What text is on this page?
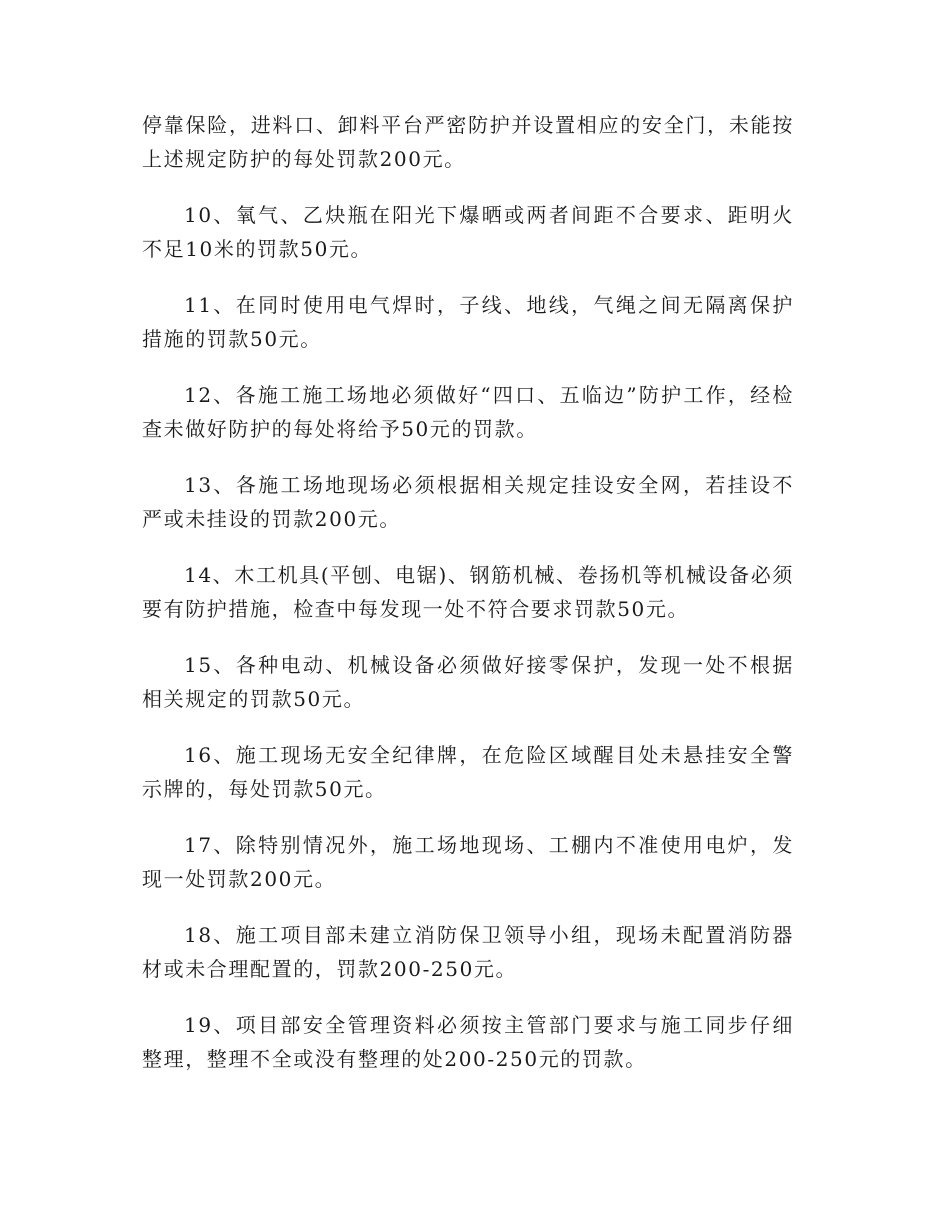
停靠保险，进料口、卸料平台严密防护并设置相应的安全门，未能按上述规定防护的每处罚款200元。

10、氧气、乙炔瓶在阳光下爆晒或两者间距不合要求、距明火不足10米的罚款50元。

11、在同时使用电气焊时，子线、地线，气绳之间无隔离保护措施的罚款50元。

12、各施工施工场地必须做好“四口、五临边”防护工作，经检查未做好防护的每处将给予50元的罚款。

13、各施工场地现场必须根据相关规定挂设安全网，若挂设不严或未挂设的罚款200元。

14、木工机具(平刨、电锯)、钢筋机械、卷扬机等机械设备必须要有防护措施，检查中每发现一处不符合要求罚款50元。

15、各种电动、机械设备必须做好接零保护，发现一处不根据相关规定的罚款50元。

16、施工现场无安全纪律牌，在危险区域醒目处未悬挂安全警示牌的，每处罚款50元。

17、除特别情况外，施工场地现场、工棚内不准使用电炉，发现一处罚款200元。

18、施工项目部未建立消防保卫领导小组，现场未配置消防器材或未合理配置的，罚款200-250元。

19、项目部安全管理资料必须按主管部门要求与施工同步仔细整理，整理不全或没有整理的处200-250元的罚款。
